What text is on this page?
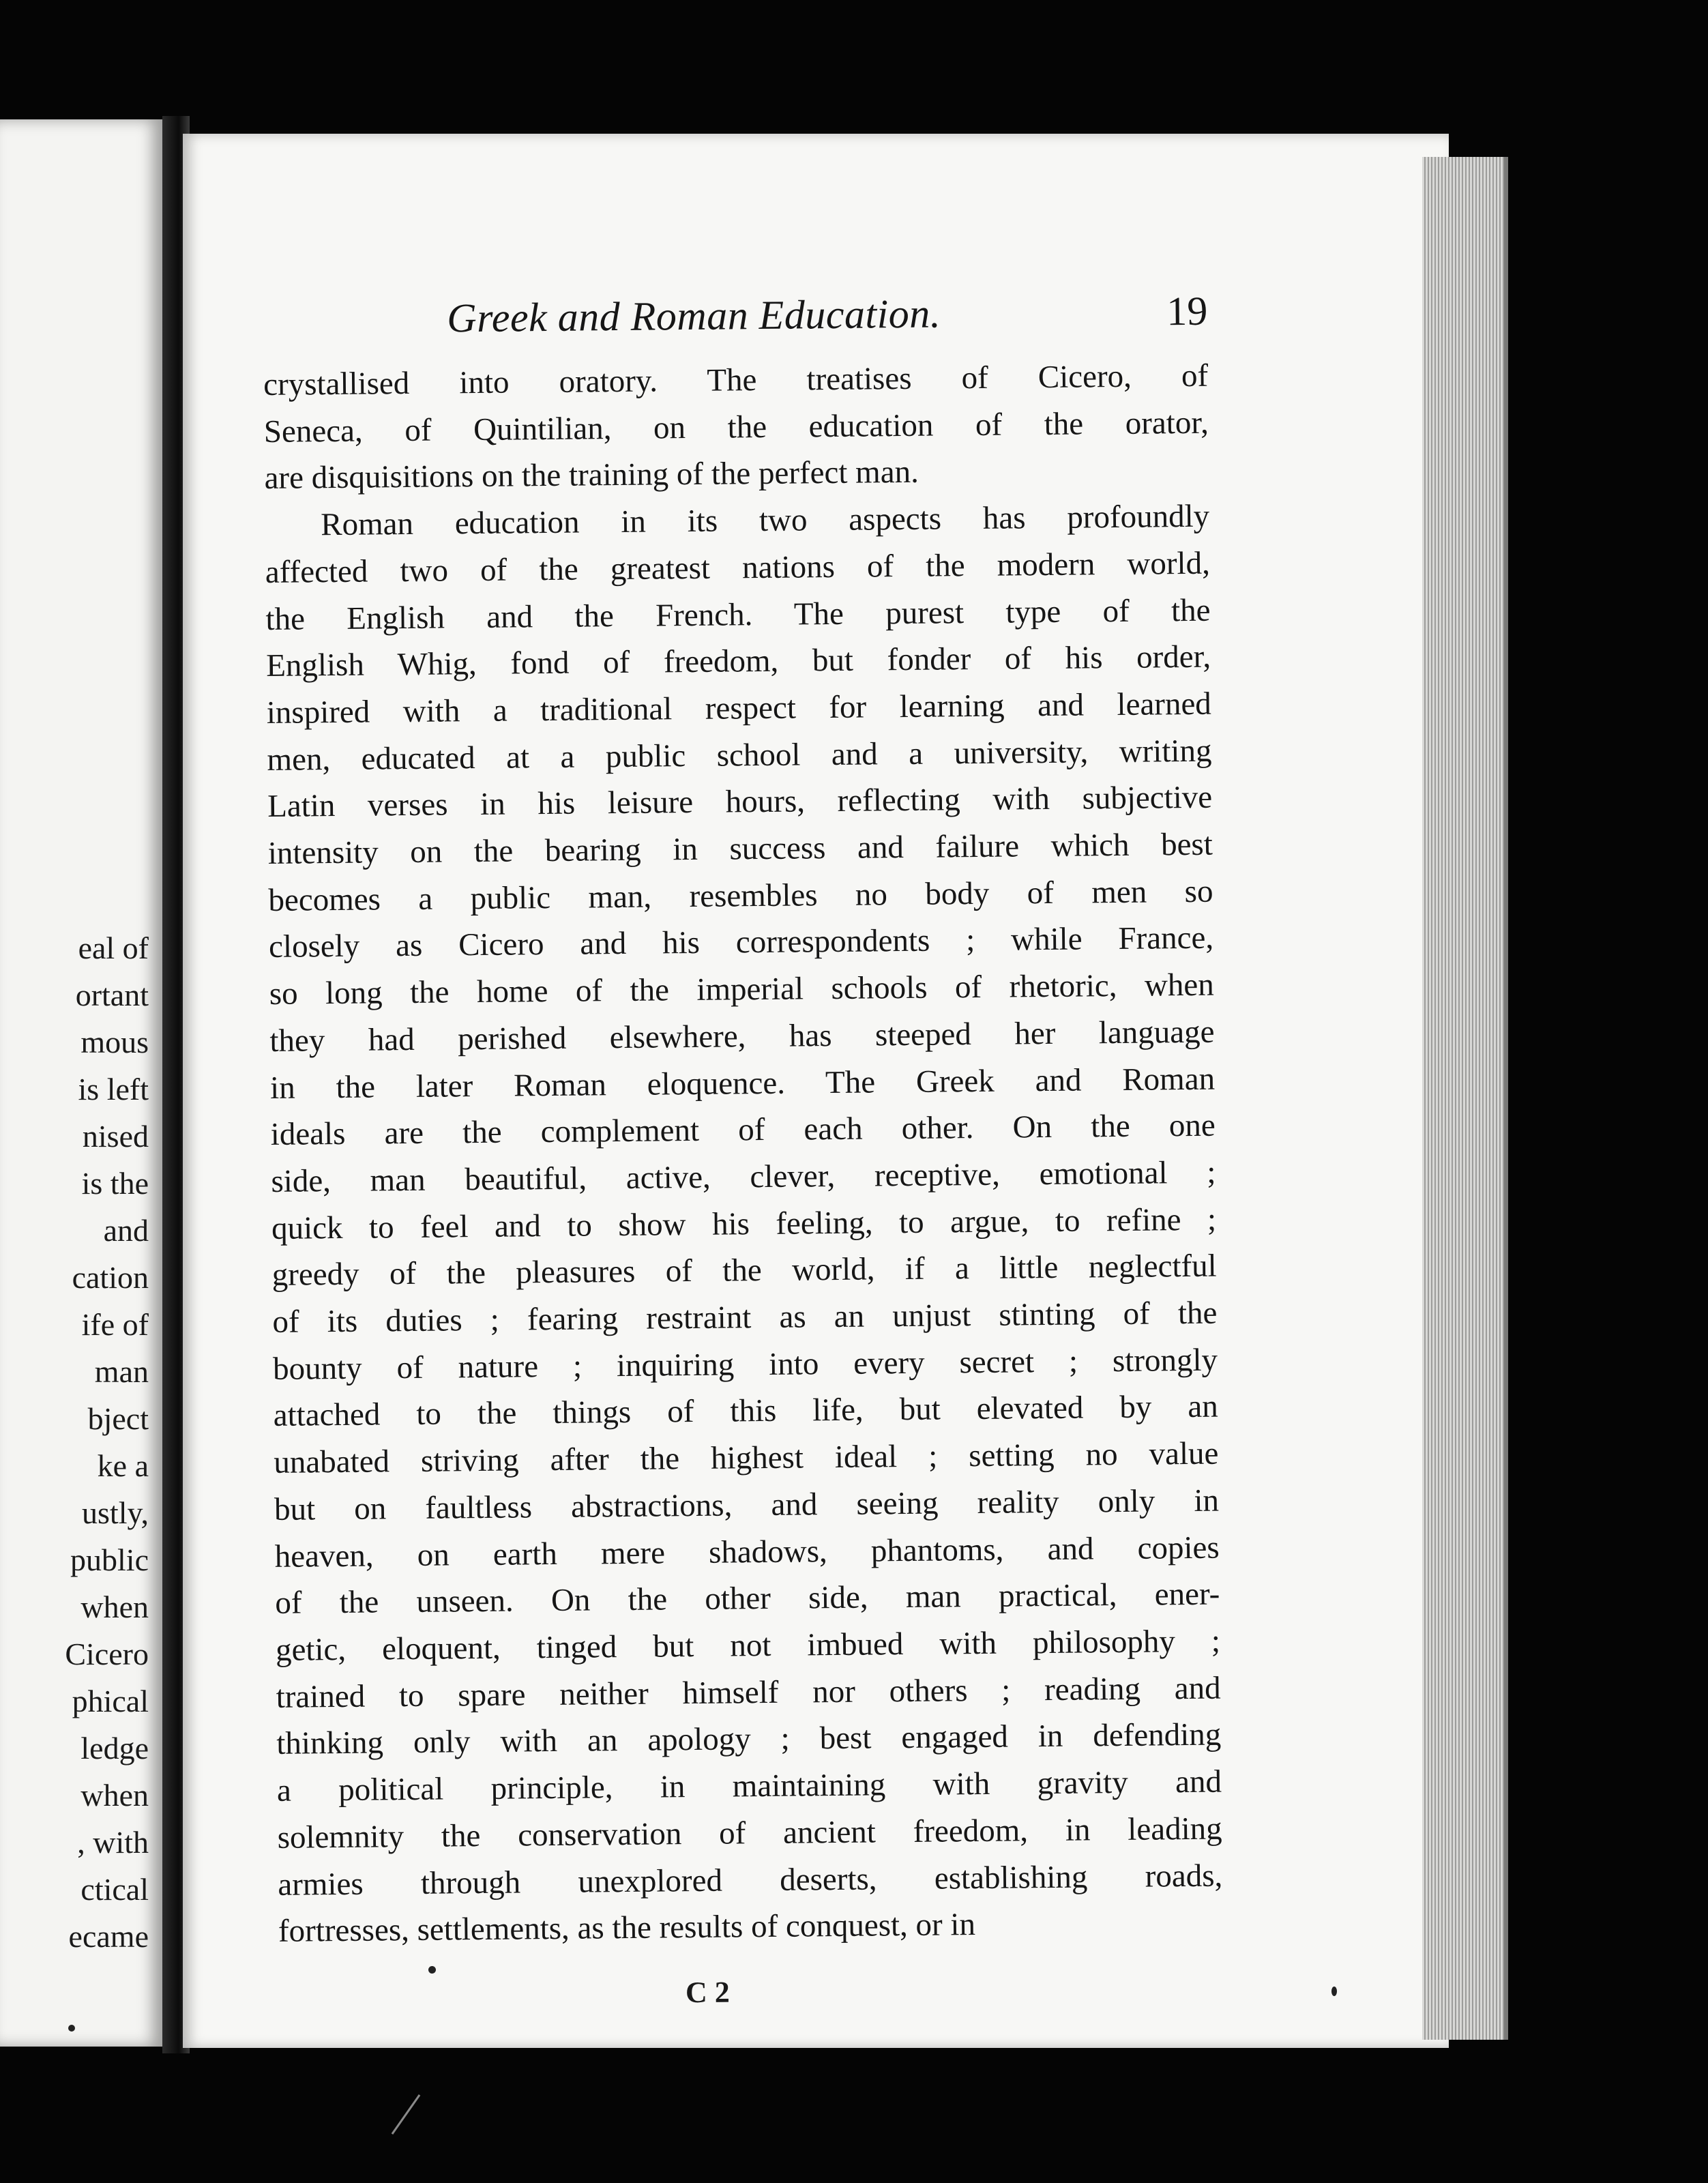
eal of
ortant
mous
is left
nised
is the
and
cation
ife of
man
bject
ke a
ustly,
public
when
Cicero
phical
ledge
when
, with
ctical
ecame
Greek and Roman Education.	19
crystallised into oratory. The treatises of Cicero, of
Seneca, of Quintilian, on the education of the orator,
are disquisitions on the training of the perfect man.
Roman education in its two aspects has profoundly
affected two of the greatest nations of the modern world,
the English and the French. The purest type of the
English Whig, fond of freedom, but fonder of his order,
inspired with a traditional respect for learning and learned
men, educated at a public school and a university, writing
Latin verses in his leisure hours, reflecting with subjective
intensity on the bearing in success and failure which best
becomes a public man, resembles no body of men so
closely as Cicero and his correspondents ; while France,
so long the home of the imperial schools of rhetoric, when
they had perished elsewhere, has steeped her language
in the later Roman eloquence. The Greek and Roman
ideals are the complement of each other. On the one
side, man beautiful, active, clever, receptive, emotional ;
quick to feel and to show his feeling, to argue, to refine ;
greedy of the pleasures of the world, if a little neglectful
of its duties ; fearing restraint as an unjust stinting of the
bounty of nature ; inquiring into every secret ; strongly
attached to the things of this life, but elevated by an
unabated striving after the highest ideal ; setting no value
but on faultless abstractions, and seeing reality only in
heaven, on earth mere shadows, phantoms, and copies
of the unseen. On the other side, man practical, ener-
getic, eloquent, tinged but not imbued with philosophy ;
trained to spare neither himself nor others ; reading and
thinking only with an apology ; best engaged in defending
a political principle, in maintaining with gravity and
solemnity the conservation of ancient freedom, in leading
armies through unexplored deserts, establishing roads,
fortresses, settlements, as the results of conquest, or in
C 2
